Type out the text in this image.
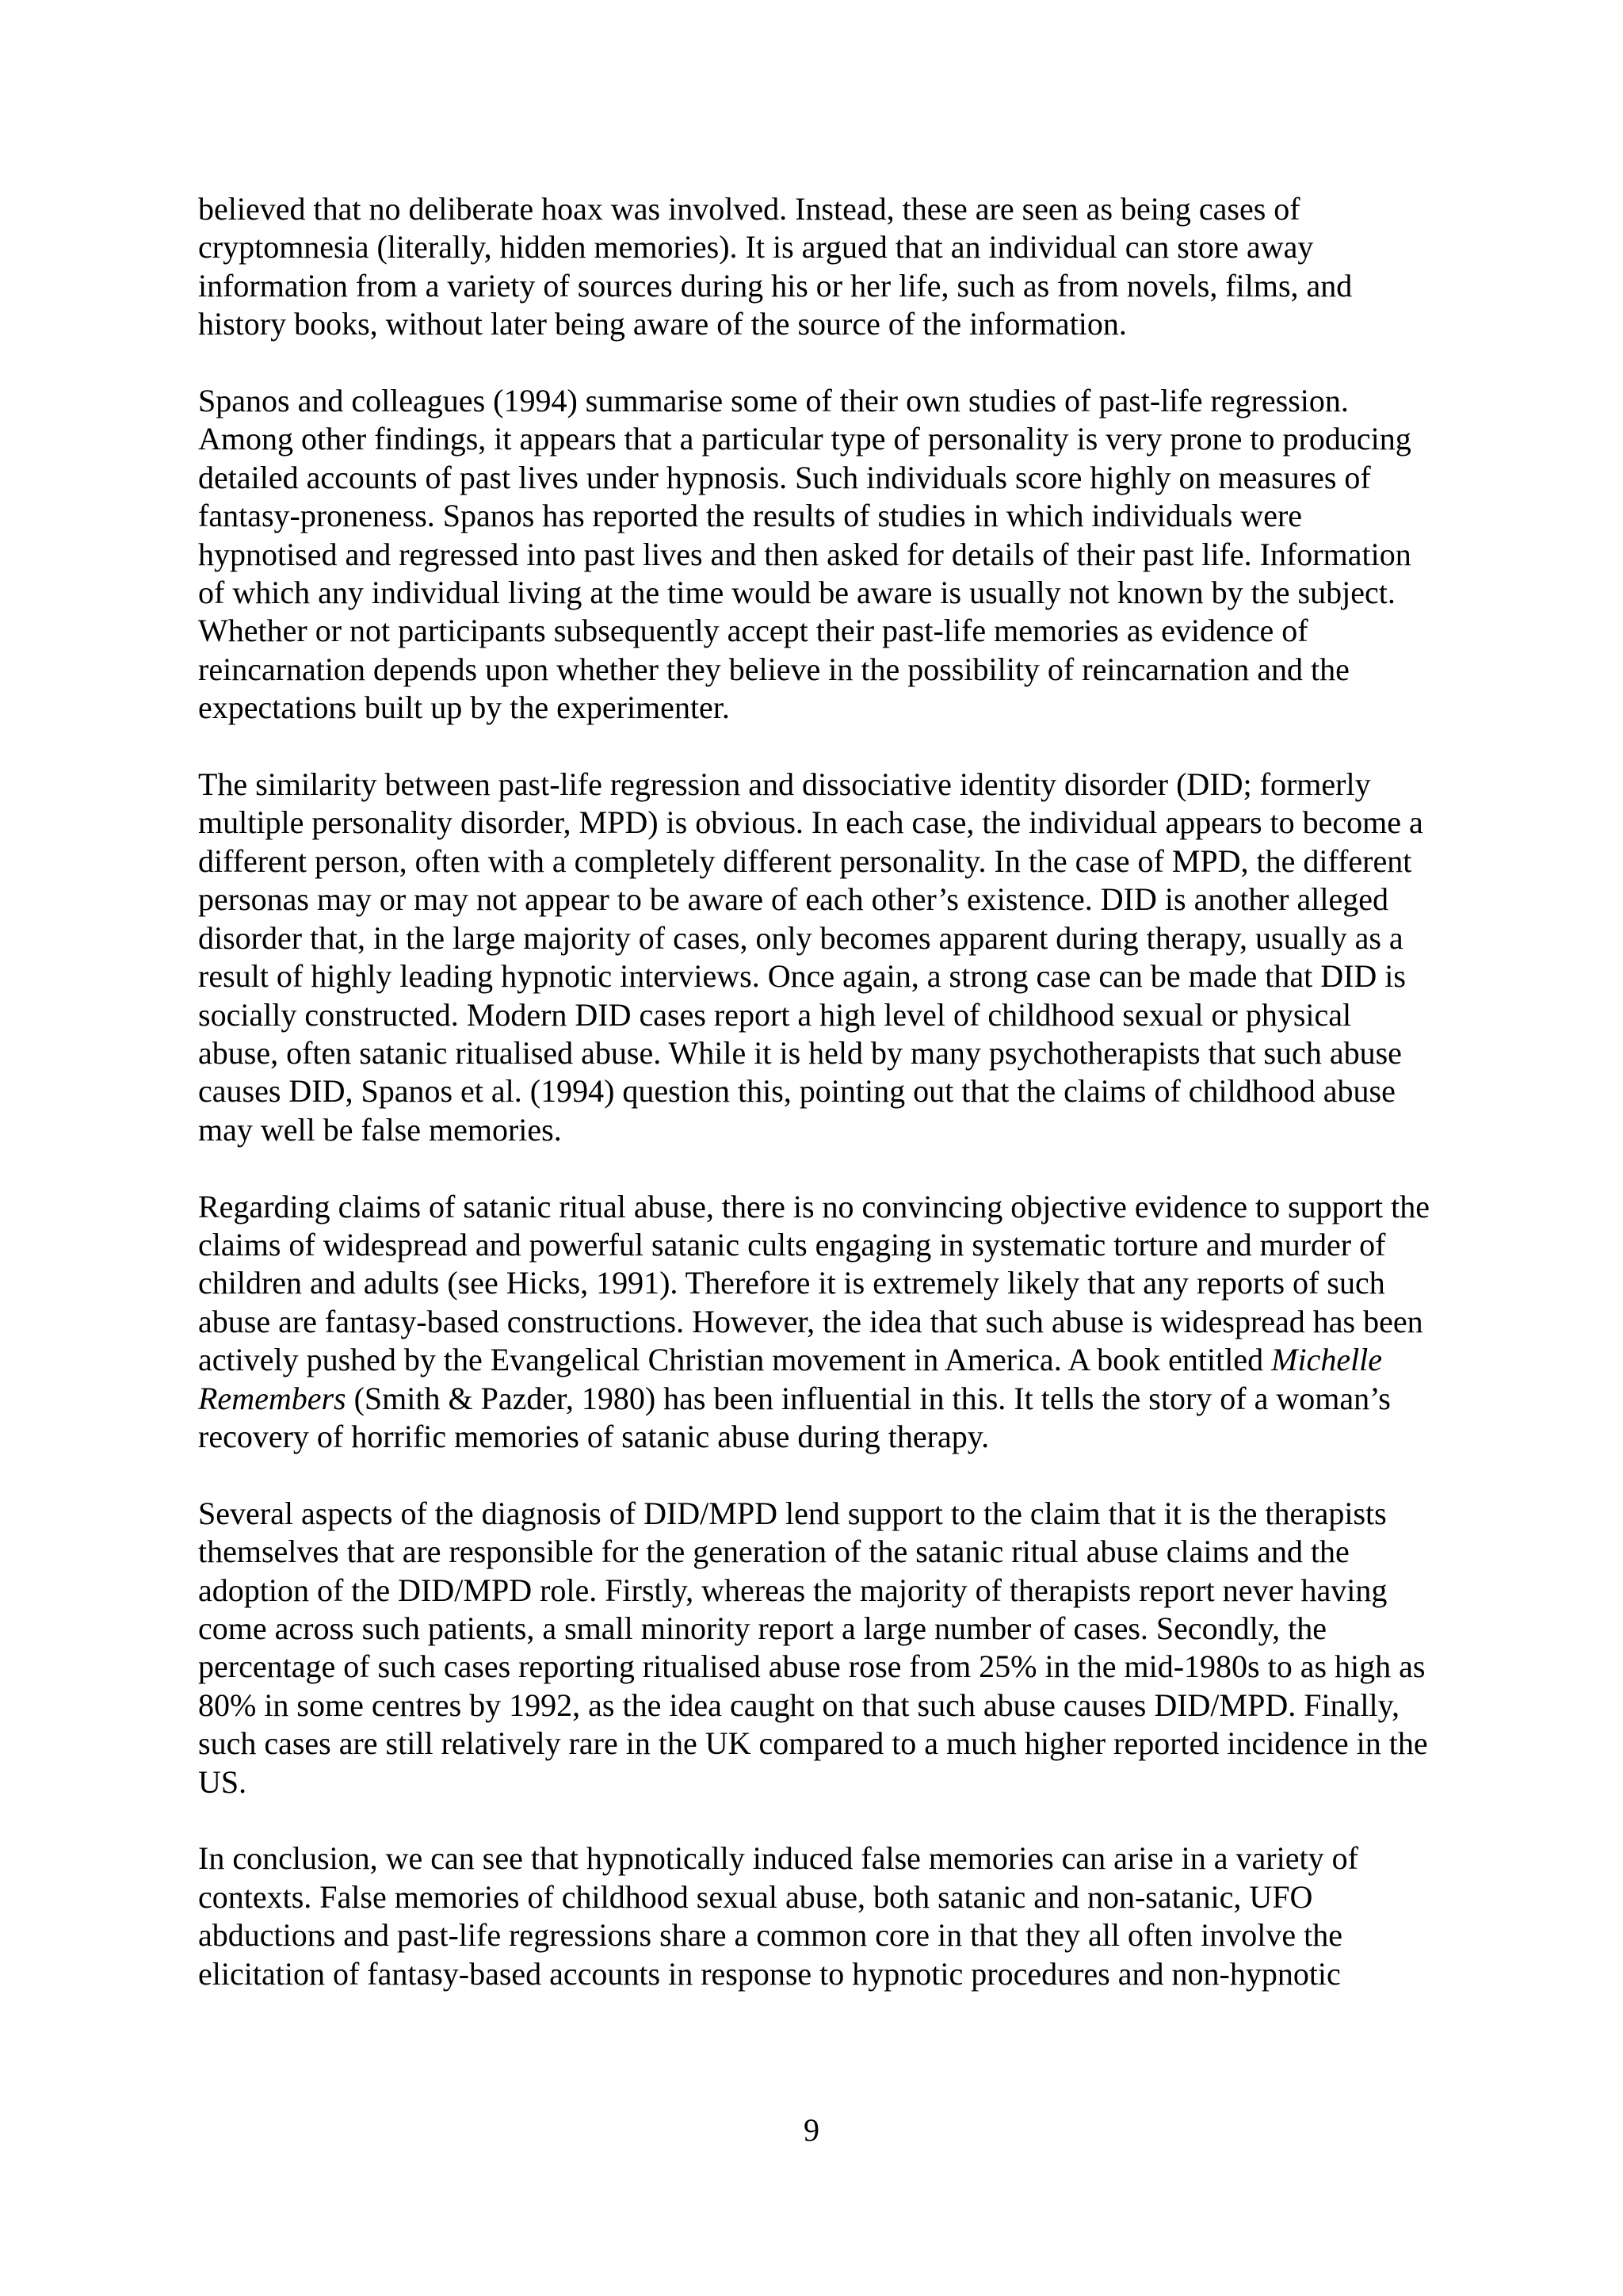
believed that no deliberate hoax was involved. Instead, these are seen as being cases of
cryptomnesia (literally, hidden memories). It is argued that an individual can store away
information from a variety of sources during his or her life, such as from novels, films, and
history books, without later being aware of the source of the information.

Spanos and colleagues (1994) summarise some of their own studies of past-life regression.
Among other findings, it appears that a particular type of personality is very prone to producing
detailed accounts of past lives under hypnosis. Such individuals score highly on measures of
fantasy-proneness. Spanos has reported the results of studies in which individuals were
hypnotised and regressed into past lives and then asked for details of their past life. Information
of which any individual living at the time would be aware is usually not known by the subject.
Whether or not participants subsequently accept their past-life memories as evidence of
reincarnation depends upon whether they believe in the possibility of reincarnation and the
expectations built up by the experimenter.

The similarity between past-life regression and dissociative identity disorder (DID; formerly
multiple personality disorder, MPD) is obvious. In each case, the individual appears to become a
different person, often with a completely different personality. In the case of MPD, the different
personas may or may not appear to be aware of each other’s existence. DID is another alleged
disorder that, in the large majority of cases, only becomes apparent during therapy, usually as a
result of highly leading hypnotic interviews. Once again, a strong case can be made that DID is
socially constructed. Modern DID cases report a high level of childhood sexual or physical
abuse, often satanic ritualised abuse. While it is held by many psychotherapists that such abuse
causes DID, Spanos et al. (1994) question this, pointing out that the claims of childhood abuse
may well be false memories.

Regarding claims of satanic ritual abuse, there is no convincing objective evidence to support the
claims of widespread and powerful satanic cults engaging in systematic torture and murder of
children and adults (see Hicks, 1991). Therefore it is extremely likely that any reports of such
abuse are fantasy-based constructions. However, the idea that such abuse is widespread has been
actively pushed by the Evangelical Christian movement in America. A book entitled Michelle
Remembers (Smith & Pazder, 1980) has been influential in this. It tells the story of a woman’s
recovery of horrific memories of satanic abuse during therapy.

Several aspects of the diagnosis of DID/MPD lend support to the claim that it is the therapists
themselves that are responsible for the generation of the satanic ritual abuse claims and the
adoption of the DID/MPD role. Firstly, whereas the majority of therapists report never having
come across such patients, a small minority report a large number of cases. Secondly, the
percentage of such cases reporting ritualised abuse rose from 25% in the mid-1980s to as high as
80% in some centres by 1992, as the idea caught on that such abuse causes DID/MPD. Finally,
such cases are still relatively rare in the UK compared to a much higher reported incidence in the
US.

In conclusion, we can see that hypnotically induced false memories can arise in a variety of
contexts. False memories of childhood sexual abuse, both satanic and non-satanic, UFO
abductions and past-life regressions share a common core in that they all often involve the
elicitation of fantasy-based accounts in response to hypnotic procedures and non-hypnotic

9
